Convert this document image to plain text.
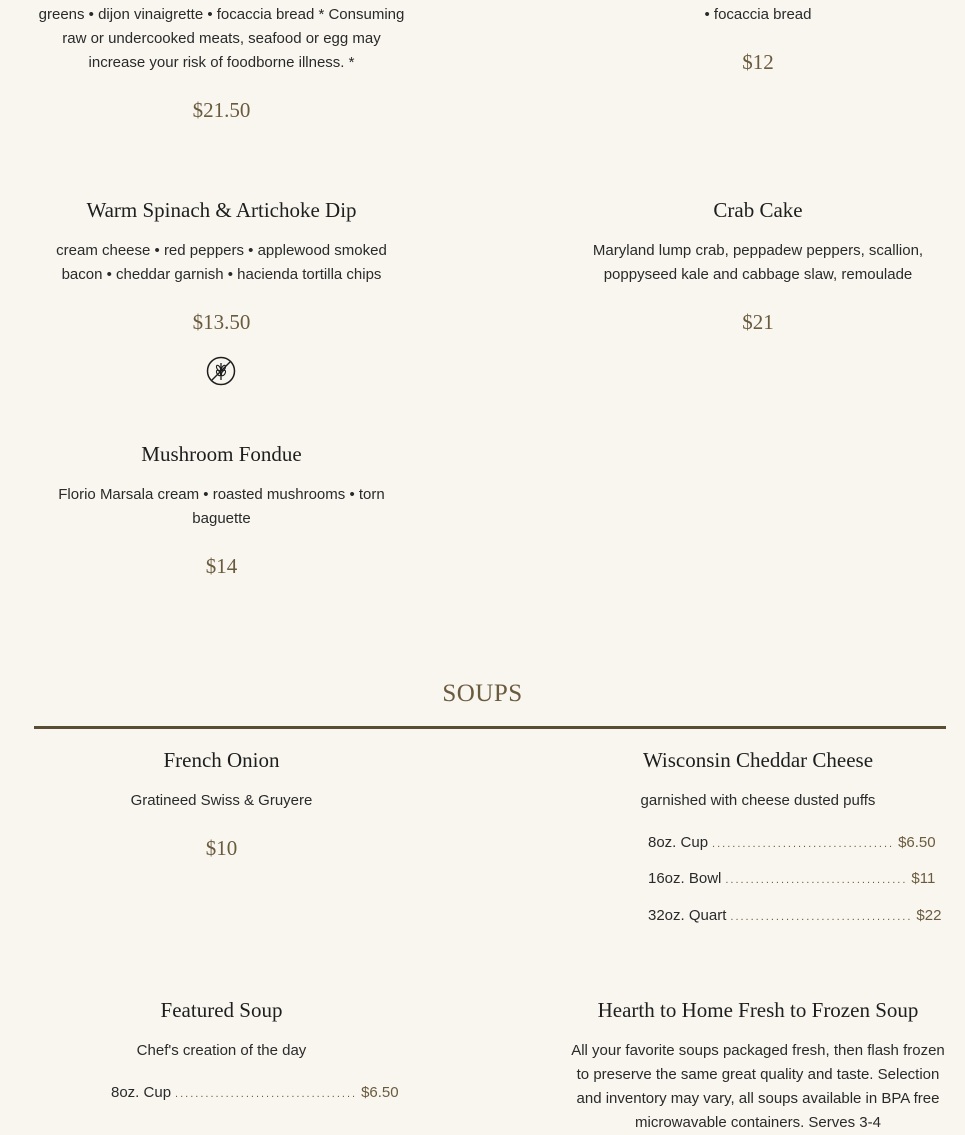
greens • dijon vinaigrette • focaccia bread * Consuming
raw or undercooked meats, seafood or egg may
increase your risk of foodborne illness. *
$21.50
• focaccia bread
$12
Warm Spinach & Artichoke Dip
cream cheese • red peppers • applewood smoked
bacon • cheddar garnish • hacienda tortilla chips
$13.50
Crab Cake
Maryland lump crab, peppadew peppers, scallion,
poppyseed kale and cabbage slaw, remoulade
$21
Mushroom Fondue
Florio Marsala cream • roasted mushrooms • torn
baguette
$14
SOUPS
French Onion
Gratineed Swiss & Gruyere
$10
Wisconsin Cheddar Cheese
garnished with cheese dusted puffs
8oz. Cup .................................... $6.50
16oz. Bowl .................................... $11
32oz. Quart .................................... $22
Featured Soup
Chef's creation of the day
8oz. Cup .................................... $6.50
Hearth to Home Fresh to Frozen Soup
All your favorite soups packaged fresh, then flash frozen
to preserve the same great quality and taste. Selection
and inventory may vary, all soups available in BPA free
microwavable containers. Serves 3-4
